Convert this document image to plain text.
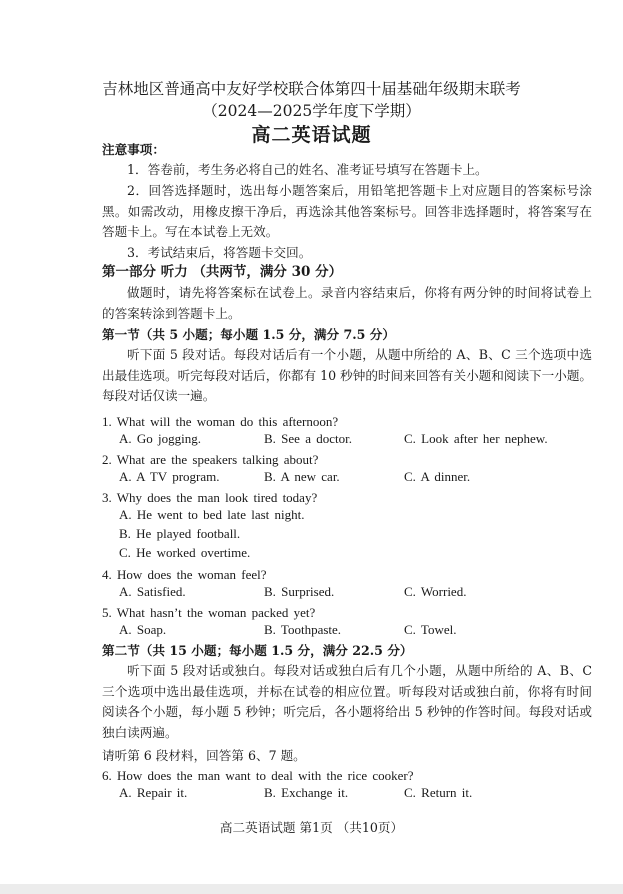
吉林地区普通高中友好学校联合体第四十届基础年级期末联考
（2024—2025学年度下学期）
高二英语试题
注意事项：
1．答卷前，考生务必将自己的姓名、准考证号填写在答题卡上。
2．回答选择题时，选出每小题答案后，用铅笔把答题卡上对应题目的答案标号涂黑。如需改动，用橡皮擦干净后，再选涂其他答案标号。回答非选择题时，将答案写在答题卡上。写在本试卷上无效。
3．考试结束后，将答题卡交回。
第一部分 听力 （共两节，满分 30 分）
做题时，请先将答案标在试卷上。录音内容结束后，你将有两分钟的时间将试卷上的答案转涂到答题卡上。
第一节（共 5 小题；每小题 1.5 分，满分 7.5 分）
听下面 5 段对话。每段对话后有一个小题，从题中所给的 A、B、C 三个选项中选出最佳选项。听完每段对话后，你都有 10 秒钟的时间来回答有关小题和阅读下一小题。每段对话仅读一遍。
1. What will the woman do this afternoon?
A. Go jogging.	B. See a doctor.	C. Look after her nephew.
2. What are the speakers talking about?
A. A TV program.	B. A new car.	C. A dinner.
3. Why does the man look tired today?
A. He went to bed late last night.
B. He played football.
C. He worked overtime.
4. How does the woman feel?
A. Satisfied.	B. Surprised.	C. Worried.
5. What hasn’t the woman packed yet?
A. Soap.	B. Toothpaste.	C. Towel.
第二节（共 15 小题；每小题 1.5 分，满分 22.5 分）
听下面 5 段对话或独白。每段对话或独白后有几个小题，从题中所给的 A、B、C 三个选项中选出最佳选项，并标在试卷的相应位置。听每段对话或独白前，你将有时间阅读各个小题，每小题 5 秒钟；听完后，各小题将给出 5 秒钟的作答时间。每段对话或独白读两遍。
请听第 6 段材料，回答第 6、7 题。
6. How does the man want to deal with the rice cooker?
A. Repair it.	B. Exchange it.	C. Return it.
高二英语试题 第1页 （共10页）
